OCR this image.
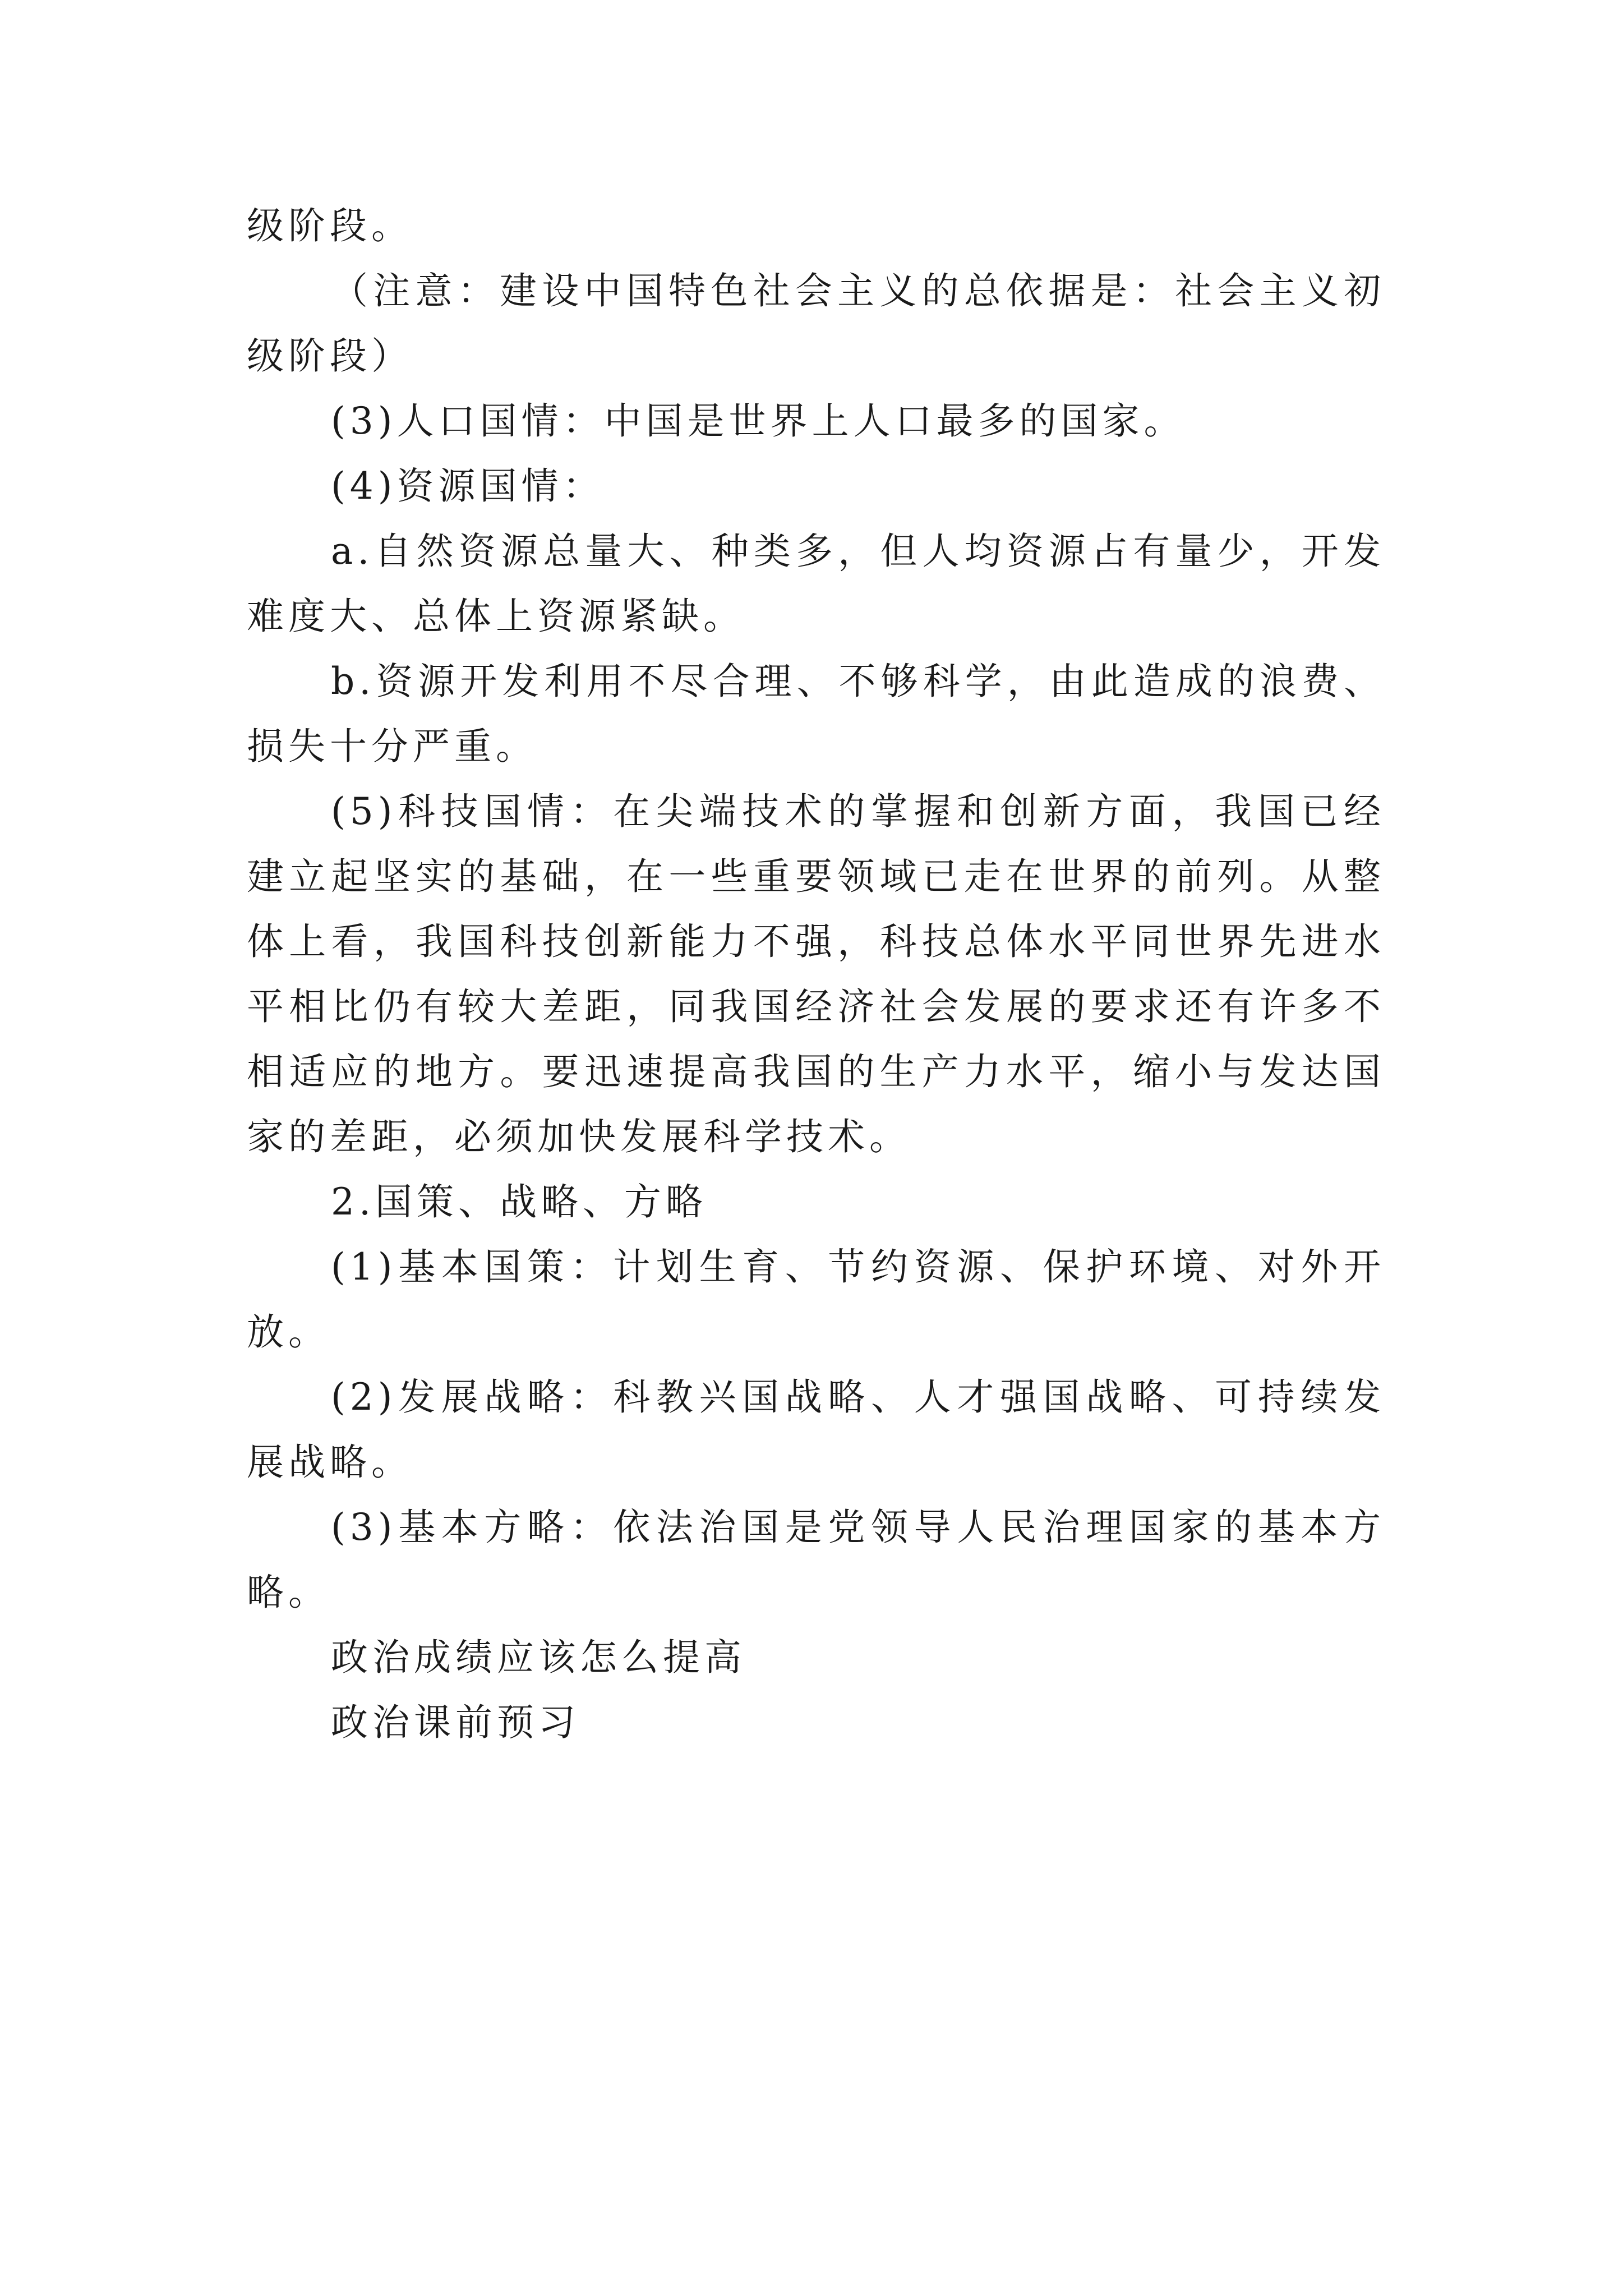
级阶段。

（注意：建设中国特色社会主义的总依据是：社会主义初级阶段）

(3)人口国情：中国是世界上人口最多的国家。

(4)资源国情：

a.自然资源总量大、种类多，但人均资源占有量少，开发难度大、总体上资源紧缺。

b.资源开发利用不尽合理、不够科学，由此造成的浪费、损失十分严重。

(5)科技国情：在尖端技术的掌握和创新方面，我国已经建立起坚实的基础，在一些重要领域已走在世界的前列。从整体上看，我国科技创新能力不强，科技总体水平同世界先进水平相比仍有较大差距，同我国经济社会发展的要求还有许多不相适应的地方。要迅速提高我国的生产力水平，缩小与发达国家的差距，必须加快发展科学技术。

2.国策、战略、方略

(1)基本国策：计划生育、节约资源、保护环境、对外开放。

(2)发展战略：科教兴国战略、人才强国战略、可持续发展战略。

(3)基本方略：依法治国是党领导人民治理国家的基本方略。

政治成绩应该怎么提高

政治课前预习
